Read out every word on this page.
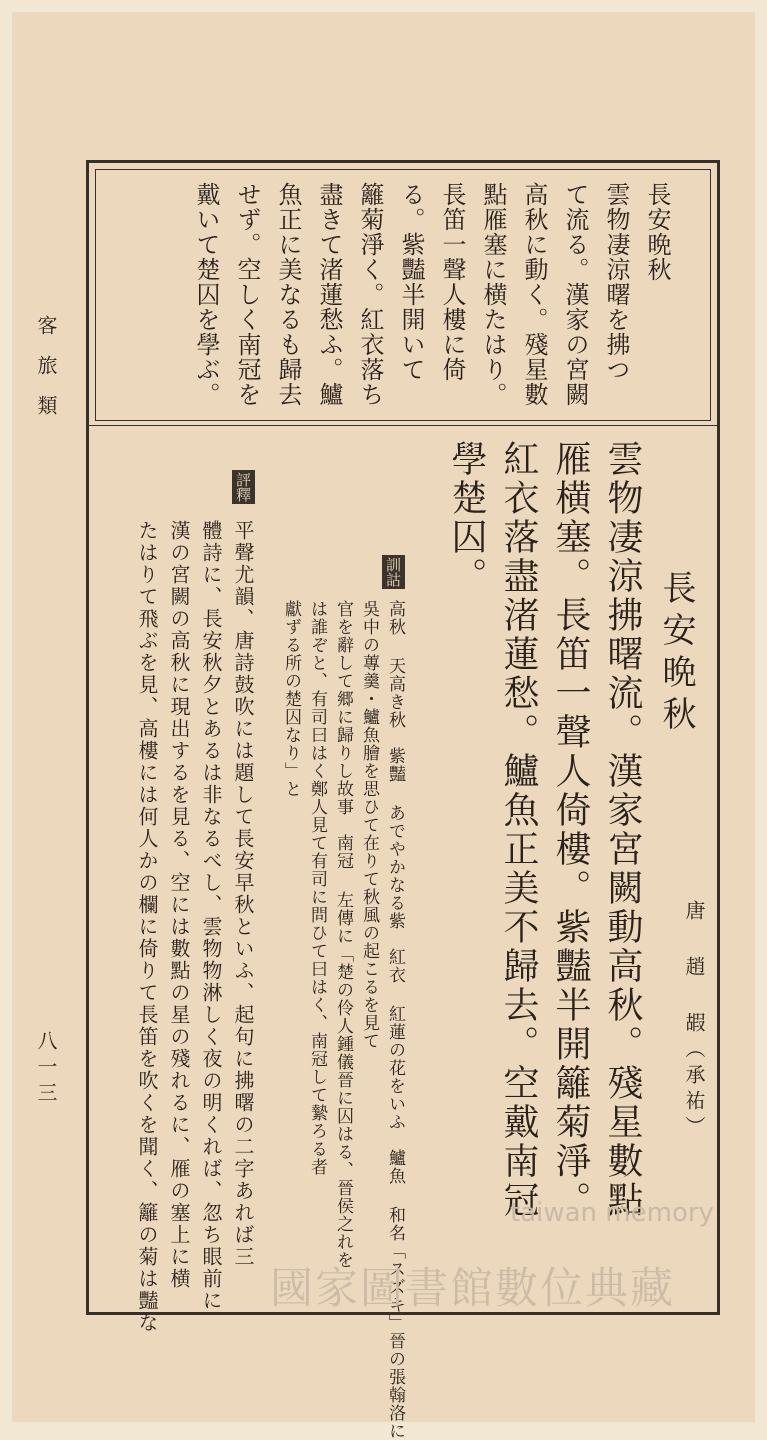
客旅類
八一三
長安晩秋
雲物凄涼曙を拂つ
て流る。漢家の宮闕
高秋に動く。殘星數
點雁塞に横たはり。
長笛一聲人樓に倚
る。紫豔半開いて
籬菊淨く。紅衣落ち
盡きて渚蓮愁ふ。鱸
魚正に美なるも歸去
せず。空しく南冠を
戴いて楚囚を學ぶ。
長安晩秋
唐 趙 嘏（承祐）
雲物凄涼拂曙流。漢家宮闕動高秋。殘星數點
雁横塞。長笛一聲人倚樓。紫豔半開籬菊淨。
紅衣落盡渚蓮愁。鱸魚正美不歸去。空戴南冠
學楚囚。
訓詁
高秋 天高き秋　紫豔 あでやかなる紫　紅衣 紅蓮の花をいふ　鱸魚 和名「スズキ」晉の張翰洛に
吳中の蓴羹・鱸魚膾を思ひて在りて秋風の起こるを見て
官を辭して郷に歸りし故事　南冠 左傳に「楚の伶人鍾儀晉に囚はる、晉侯之れを
は誰ぞと、有司曰はく鄭人見て有司に問ひて曰はく、南冠して縶ろる者
獻ずる所の楚囚なり」と
評釋
平聲尤韻、唐詩鼓吹には題して長安早秋といふ、起句に拂曙の二字あれば三
體詩に、長安秋夕とあるは非なるべし、雲物物淋しく夜の明くれば、忽ち眼前に
漢の宮闕の高秋に現出するを見る、空には數點の星の殘れるに、雁の塞上に横
たはりて飛ぶを見、高樓には何人かの欄に倚りて長笛を吹くを聞く、籬の菊は豔な	國家圖書館數位典藏
taiwan memory
